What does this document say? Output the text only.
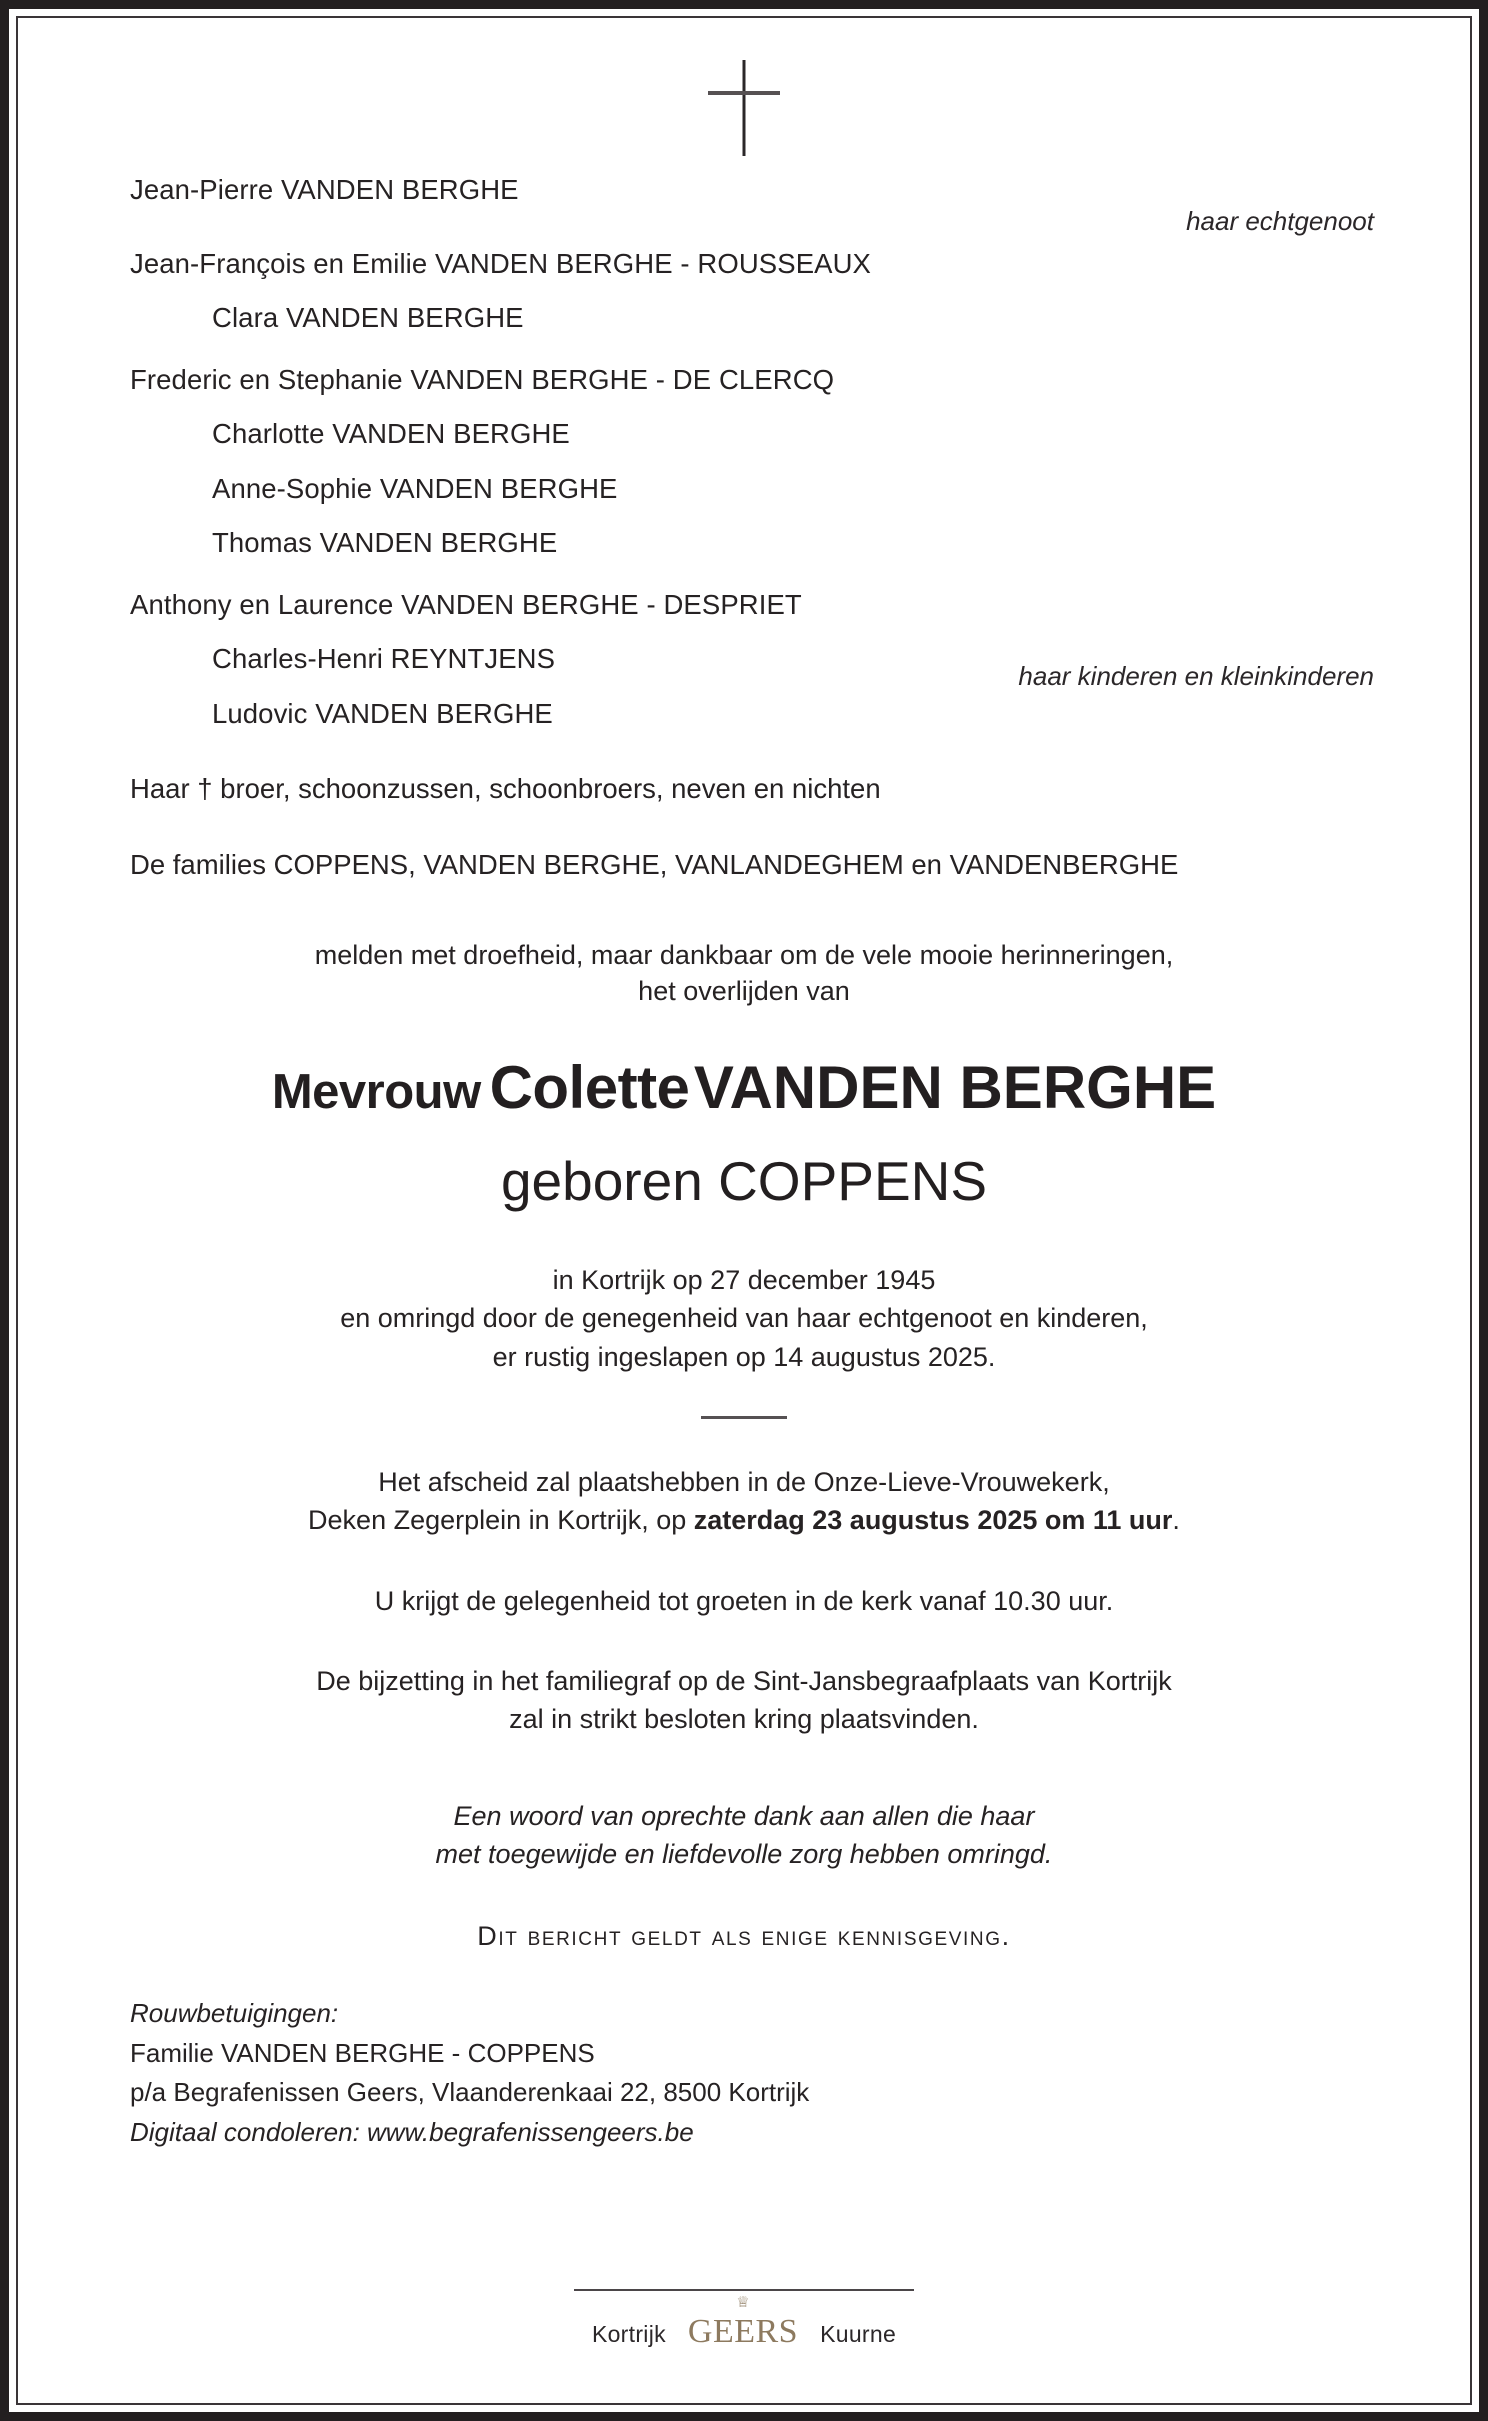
Jean-Pierre VANDEN BERGHE
Jean-François en Emilie VANDEN BERGHE - ROUSSEAUX
Clara VANDEN BERGHE
Frederic en Stephanie VANDEN BERGHE - DE CLERCQ
Charlotte VANDEN BERGHE
Anne-Sophie VANDEN BERGHE
Thomas VANDEN BERGHE
Anthony en Laurence VANDEN BERGHE - DESPRIET
Charles-Henri REYNTJENS
Ludovic VANDEN BERGHE
haar echtgenoot
haar kinderen en kleinkinderen
Haar † broer, schoonzussen, schoonbroers, neven en nichten
De families COPPENS, VANDEN BERGHE, VANLANDEGHEM en VANDENBERGHE
melden met droefheid, maar dankbaar om de vele mooie herinneringen,
het overlijden van
Mevrouw Colette VANDEN BERGHE
geboren COPPENS
in Kortrijk op 27 december 1945
en omringd door de genegenheid van haar echtgenoot en kinderen,
er rustig ingeslapen op 14 augustus 2025.
Het afscheid zal plaatshebben in de Onze-Lieve-Vrouwekerk,
Deken Zegerplein in Kortrijk, op zaterdag 23 augustus 2025 om 11 uur.
U krijgt de gelegenheid tot groeten in de kerk vanaf 10.30 uur.
De bijzetting in het familiegraf op de Sint-Jansbegraafplaats van Kortrijk
zal in strikt besloten kring plaatsvinden.
Een woord van oprechte dank aan allen die haar
met toegewijde en liefdevolle zorg hebben omringd.
Dit bericht geldt als enige kennisgeving.
Rouwbetuigingen:
Familie VANDEN BERGHE - COPPENS
p/a Begrafenissen Geers, Vlaanderenkaai 22, 8500 Kortrijk
Digitaal condoleren: www.begrafenissengeers.be
Kortrijk
♕
GEERS Kuurne
